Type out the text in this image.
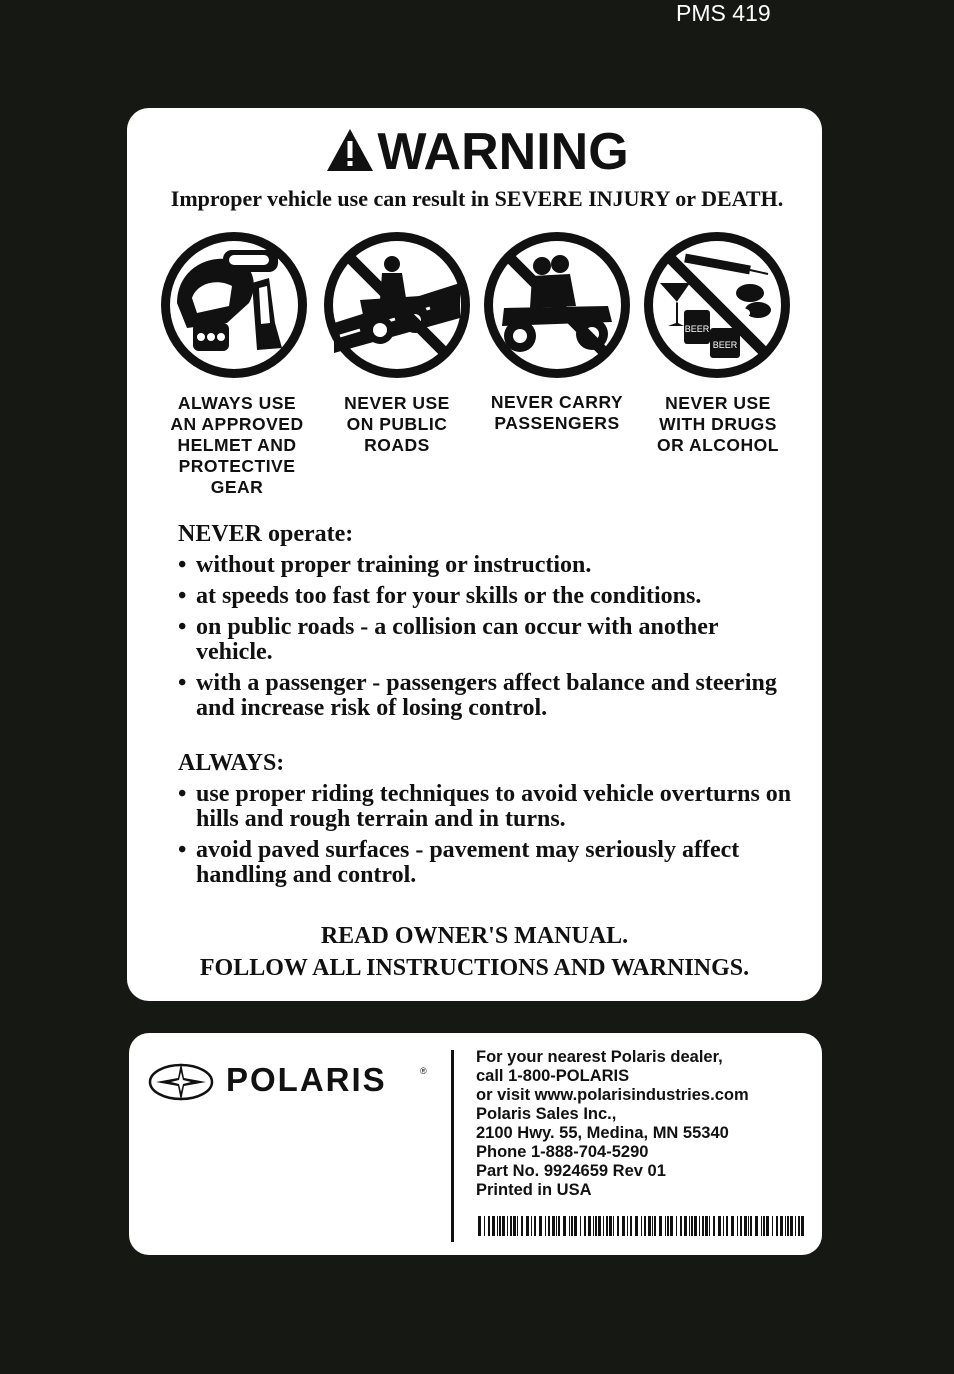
PMS 419
WARNING
Improper vehicle use can result in SEVERE INJURY or DEATH.
BEER
BEER
ALWAYS USE
AN APPROVED
HELMET AND
PROTECTIVE
GEAR
NEVER USE
ON PUBLIC
ROADS
NEVER CARRY
PASSENGERS
NEVER USE
WITH DRUGS
OR ALCOHOL
NEVER operate:
• without proper training or instruction.
• at speeds too fast for your skills or the conditions.
• on public roads - a collision can occur with another vehicle.
• with a passenger - passengers affect balance and steering and increase risk of losing control.
ALWAYS:
• use proper riding techniques to avoid vehicle overturns on hills and rough terrain and in turns.
• avoid paved surfaces - pavement may seriously affect handling and control.
READ OWNER'S MANUAL.
FOLLOW ALL INSTRUCTIONS AND WARNINGS.
POLARIS	®
For your nearest Polaris dealer,
call 1-800-POLARIS
or visit www.polarisindustries.com
Polaris Sales Inc.,
2100 Hwy. 55, Medina, MN 55340
Phone 1-888-704-5290
Part No. 9924659 Rev 01
Printed in USA
